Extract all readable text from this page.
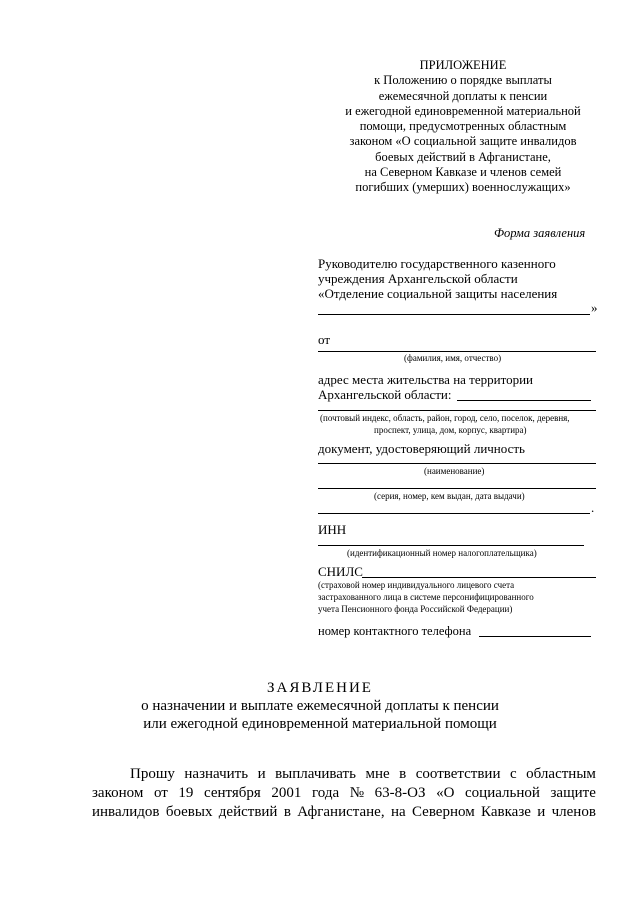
ПРИЛОЖЕНИЕ
к Положению о порядке выплаты
ежемесячной доплаты к пенсии
и ежегодной единовременной материальной
помощи, предусмотренных областным
законом «О социальной защите инвалидов
боевых действий в Афганистане,
на Северном Кавказе и членов семей
погибших (умерших) военнослужащих»
Форма заявления
Руководителю государственного казенного
учреждения Архангельской области
«Отделение социальной защиты населения
»
от
(фамилия, имя, отчество)
адрес места жительства на территории
Архангельской области:
(почтовый индекс, область, район, город, село, поселок, деревня,
проспект, улица, дом, корпус, квартира)
документ, удостоверяющий личность
(наименование)
(серия, номер, кем выдан, дата выдачи)
.
ИНН
(идентификационный номер налогоплательщика)
СНИЛС
(страховой номер индивидуального лицевого счета
застрахованного лица в системе персонифицированного
учета Пенсионного фонда Российской Федерации)
номер контактного телефона
ЗАЯВЛЕНИЕ
о назначении и выплате ежемесячной доплаты к пенсии
или ежегодной единовременной материальной помощи
Прошу назначить и выплачивать мне в соответствии с областным
законом от 19 сентября 2001 года № 63-8-ОЗ «О социальной защите
инвалидов боевых действий в Афганистане, на Северном Кавказе и членов
